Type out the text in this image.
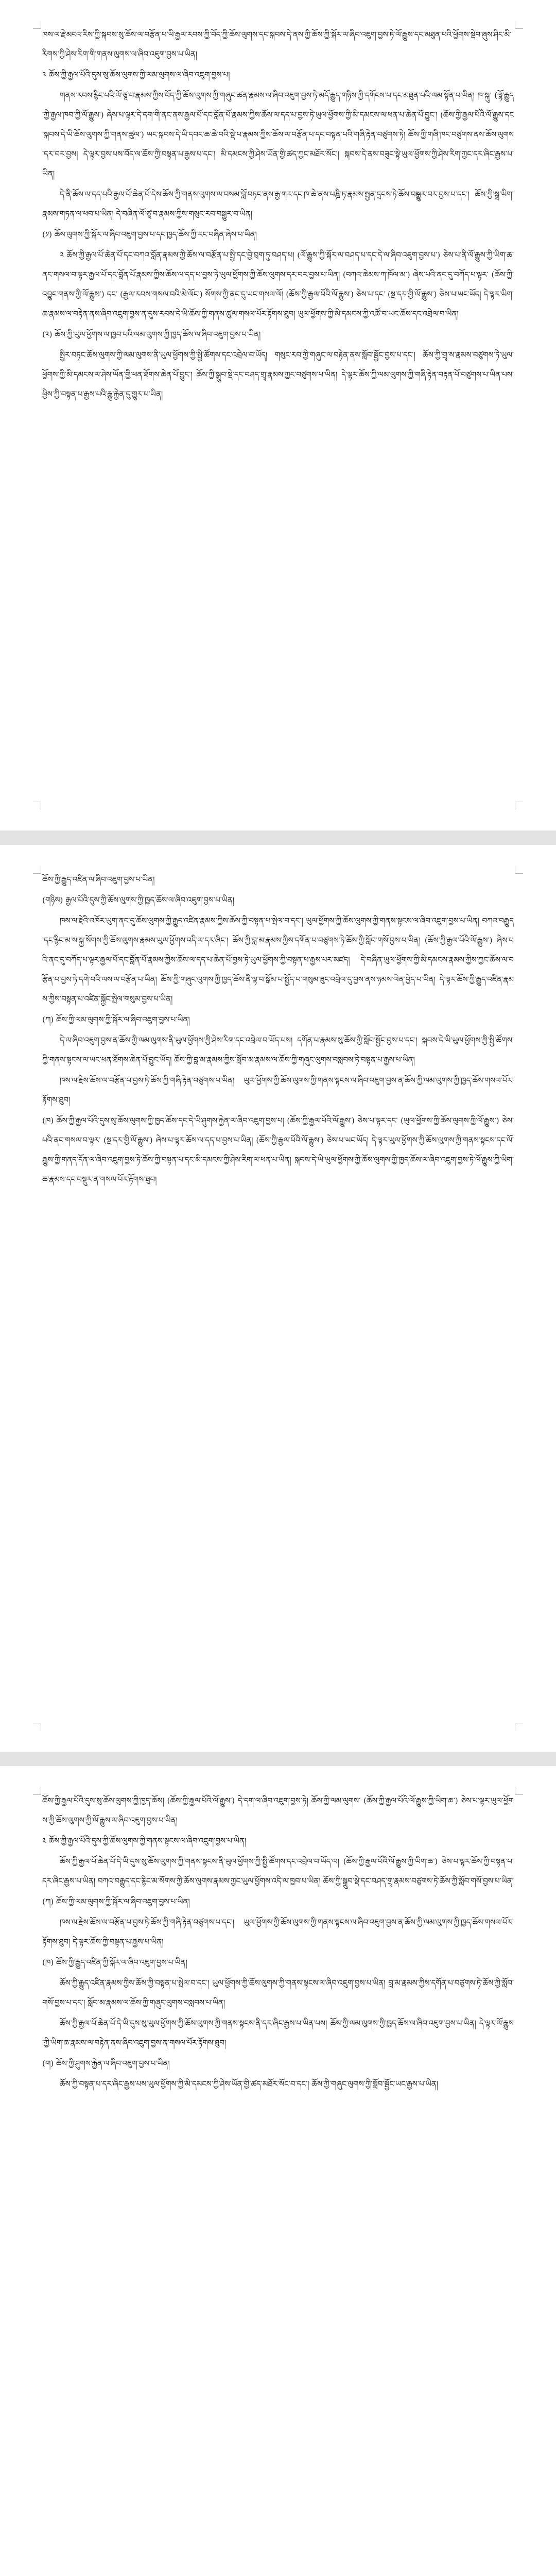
ཁས་ལ་རྗེ་མངའ་རིས་ཀྱི་སྐབས་སུ་ཆོས་ལ་བརྩོན་པ་ཡི་རྒྱལ་རབས་ཀྱི་བོད་ཀྱི་ཆོས་ལུགས་དང་སྐབས་དེ་ནས་ཀྱི་ཆོས་ཀྱི་སྐོར་ལ་ཞིབ་འཇུག་བྱས་ཏེ་ལོ་རྒྱུས་དང་མཐུན་པའི་ཕྱོགས་སྡེབ་ཞུས་ཤིང་མི་རིགས་ཀྱི་ཤེས་རིག་གི་གནས་ལུགས་ལ་ཞིབ་འཇུག་བྱས་པ་ཡིན།

༢ ཆོས་ཀྱི་རྒྱལ་པོའི་དུས་སུ་ཆོས་ལུགས་ཀྱི་ལམ་ལུགས་ལ་ཞིབ་འཇུག་བྱས་པ།

གནས་རབས་རྙིང་པའི་ལོ་ཙཱ་བ་རྣམས་ཀྱིས་བོད་ཀྱི་ཆོས་ལུགས་ཀྱི་གཞུང་ཚན་རྣམས་ལ་ཞིབ་འཇུག་བྱས་ཏེ་མདོ་རྒྱུད་གཉིས་ཀྱི་དགོངས་པ་དང་མཐུན་པའི་ལམ་སྟོན་པ་ཡིན། ཁ་སྐུ་ (ལྷོ་རྒྱུད་ཀྱི་རྒྱལ་ཁབ་ཀྱི་ལོ་རྒྱུས་) ཞེས་པ་ལྟར་དེ་དག་གི་ནང་ནས་རྒྱལ་པོ་དང་བློན་པོ་རྣམས་ཀྱིས་ཆོས་ལ་དད་པ་བྱས་ཏེ་ཡུལ་ཕྱོགས་ཀྱི་མི་དམངས་ལ་ཕན་པ་ཆེན་པོ་བྱུང་། (ཆོས་ཀྱི་རྒྱལ་པོའི་ལོ་རྒྱུས་དང་སྐབས་དེ་ཡི་ཆོས་ལུགས་ཀྱི་གནས་ཚུལ་) ཡང་སྐབས་དེ་ཡི་དབང་ཆ་ཆེ་བའི་སྡེ་པ་རྣམས་ཀྱིས་ཆོས་ལ་བརྩོན་པ་དང་བསྟན་པའི་གཞི་རྟེན་བཙུགས་ཏེ། ཆོས་ཀྱི་གཞི་ཁང་བཙུགས་ནས་ཆོས་ལུགས་དར་བར་བྱས། དེ་ལྟར་བྱས་པས་བོད་ལ་ཆོས་ཀྱི་བསྟན་པ་རྒྱས་པ་དང་། མི་དམངས་ཀྱི་ཤེས་ཡོན་གྱི་ཚད་ཀྱང་མཐོར་སོང་། སྐབས་དེ་ནས་བཟུང་སྟེ་ཡུལ་ཕྱོགས་ཀྱི་ཤེས་རིག་ཀྱང་དར་ཞིང་རྒྱས་པ་ཡིན།

དེ་ནི་ཆོས་ལ་དད་པའི་རྒྱལ་པོ་ཆེན་པོ་དེས་ཆོས་ཀྱི་གནས་ལུགས་ལ་བསམ་བློ་བཏང་ནས་རྒྱ་གར་དང་ཁ་ཆེ་ནས་པཎྜི་ཏ་རྣམས་སྤྱན་དྲངས་ཏེ་ཆོས་བསྒྱུར་བར་བྱས་པ་དང་། ཆོས་ཀྱི་སྒྲ་ཡིག་རྣམས་གཏན་ལ་ཕབ་པ་ཡིན། དེ་བཞིན་ལོ་ཙཱ་བ་རྣམས་ཀྱིས་གསུང་རབ་བསྒྱུར་བ་ཡིན།

(༡) ཆོས་ལུགས་ཀྱི་སྐོར་ལ་ཞིབ་འཇུག་བྱས་པ་དང་ཁྱད་ཆོས་ཀྱི་རང་བཞིན་ཞེས་པ་ཡིན།

༢ ཆོས་ཀྱི་རྒྱལ་པོ་ཆེན་པོ་དང་བཀའ་བློན་རྣམས་ཀྱི་ཆོས་ལ་བརྩོན་པ་སྤྱི་དང་བྱེ་བྲག་ཏུ་བཤད་པ། (ལོ་རྒྱུས་ཀྱི་སྐོར་ལ་བཤད་པ་དང་དེ་ལ་ཞིབ་འཇུག་བྱས་པ་) ཅེས་པ་ནི་ལོ་རྒྱུས་ཀྱི་ཡིག་ཆ་ནང་གསལ་བ་ལྟར་རྒྱལ་པོ་དང་བློན་པོ་རྣམས་ཀྱིས་ཆོས་ལ་དད་པ་བྱས་ཏེ་ཡུལ་ཕྱོགས་ཀྱི་ཆོས་ལུགས་དར་བར་བྱས་པ་ཡིན། (བཀའ་ཆེམས་ཀ་ཁོལ་མ་) ཞེས་པའི་ནང་དུ་བཀོད་པ་ལྟར་ (ཆོས་ཀྱི་འབྱུང་གནས་ཀྱི་ལོ་རྒྱུས་) དང་ (རྒྱལ་རབས་གསལ་བའི་མེ་ལོང་) སོགས་ཀྱི་ནང་དུ་ཡང་གསལ་ལོ། (ཆོས་ཀྱི་རྒྱལ་པོའི་ལོ་རྒྱུས་) ཅེས་པ་དང་ (སྔ་དར་གྱི་ལོ་རྒྱུས་) ཅེས་པ་ཡང་ཡོད། དེ་ལྟར་ཡིག་ཆ་རྣམས་ལ་བརྟེན་ནས་ཞིབ་འཇུག་བྱས་ན་དུས་རབས་དེ་ཡི་ཆོས་ཀྱི་གནས་ཚུལ་གསལ་པོར་རྟོགས་ཐུབ། ཡུལ་ཕྱོགས་ཀྱི་མི་དམངས་ཀྱི་འཚོ་བ་ཡང་ཆོས་དང་འབྲེལ་བ་ཡིན།

(༢) ཆོས་ཀྱི་ཡུལ་ཕྱོགས་ལ་ཁྱབ་པའི་ལམ་ལུགས་ཀྱི་ཁྱད་ཆོས་ལ་ཞིབ་འཇུག་བྱས་པ་ཡིན།

སྤྱིར་བཏང་ཆོས་ལུགས་ཀྱི་ལམ་ལུགས་ནི་ཡུལ་ཕྱོགས་ཀྱི་སྤྱི་ཚོགས་དང་འབྲེལ་བ་ཡོད། གསུང་རབ་ཀྱི་གཞུང་ལ་བརྟེན་ནས་སློབ་སྦྱོང་བྱས་པ་དང་། ཆོས་ཀྱི་གྲྭ་ས་རྣམས་བཙུགས་ཏེ་ཡུལ་ཕྱོགས་ཀྱི་མི་དམངས་ལ་ཤེས་ཡོན་གྱི་ཕན་ཐོགས་ཆེན་པོ་བྱུང་། ཆོས་ཀྱི་སྒྲུབ་སྡེ་དང་བཤད་གྲྭ་རྣམས་ཀྱང་བཙུགས་པ་ཡིན། དེ་ལྟར་ཆོས་ཀྱི་ལམ་ལུགས་ཀྱི་གཞི་རྟེན་བརྟན་པོ་བཙུགས་པ་ཡིན་པས་ཕྱིས་ཀྱི་བསྟན་པ་རྒྱས་པའི་རྒྱུ་རྐྱེན་དུ་གྱུར་པ་ཡིན།

ཆོས་ཀྱི་རྒྱུད་འཛིན་ལ་ཞིབ་འཇུག་བྱས་པ་ཡིན།

(གཉིས) རྒྱལ་པོའི་དུས་ཀྱི་ཆོས་ལུགས་ཀྱི་ཁྱད་ཆོས་ལ་ཞིབ་འཇུག་བྱས་པ་ཡིན།

ཁས་ལ་རྗེའི་འཁོར་ཡུག་ནང་དུ་ཆོས་ལུགས་ཀྱི་རྒྱུད་འཛིན་རྣམས་ཀྱིས་ཆོས་ཀྱི་བསྟན་པ་སྤེལ་བ་དང་། ཡུལ་ཕྱོགས་ཀྱི་ཆོས་ལུགས་ཀྱི་གནས་སྟངས་ལ་ཞིབ་འཇུག་བྱས་པ་ཡིན། བཀའ་བརྒྱུད་དང་རྙིང་མ་ས་སྐྱ་སོགས་ཀྱི་ཆོས་ལུགས་རྣམས་ཡུལ་ཕྱོགས་འདི་ལ་དར་ཞིང་། ཆོས་ཀྱི་བླ་མ་རྣམས་ཀྱིས་དགོན་པ་བཙུགས་ཏེ་ཆོས་ཀྱི་སློབ་གསོ་བྱས་པ་ཡིན། (ཆོས་ཀྱི་རྒྱལ་པོའི་ལོ་རྒྱུས་) ཞེས་པའི་ནང་དུ་བཀོད་པ་ལྟར་རྒྱལ་པོ་དང་བློན་པོ་རྣམས་ཀྱིས་ཆོས་ལ་དད་པ་ཆེན་པོ་བྱས་ཏེ་ཡུལ་ཕྱོགས་ཀྱི་བསྟན་པ་རྒྱས་པར་མཛད། དེ་བཞིན་ཡུལ་ཕྱོགས་ཀྱི་མི་དམངས་རྣམས་ཀྱིས་ཀྱང་ཆོས་ལ་བརྩོན་པ་བྱས་ཏེ་དགེ་བའི་ལས་ལ་བརྩོན་པ་ཡིན། ཆོས་ཀྱི་གཞུང་ལུགས་ཀྱི་ཁྱད་ཆོས་ནི་ལྟ་བ་སྒོམ་པ་སྤྱོད་པ་གསུམ་ཟུང་འབྲེལ་དུ་བྱས་ནས་ཉམས་ལེན་བྱེད་པ་ཡིན། དེ་ལྟར་ཆོས་ཀྱི་རྒྱུད་འཛིན་རྣམས་ཀྱིས་བསྟན་པ་འཛིན་སྐྱོང་སྤེལ་གསུམ་བྱས་པ་ཡིན།

(ཀ) ཆོས་ཀྱི་ལམ་ལུགས་ཀྱི་སྐོར་ལ་ཞིབ་འཇུག་བྱས་པ་ཡིན།

དེ་ལ་ཞིབ་འཇུག་བྱས་ན་ཆོས་ཀྱི་ལམ་ལུགས་ནི་ཡུལ་ཕྱོགས་ཀྱི་ཤེས་རིག་དང་འབྲེལ་བ་ཡོད་པས། དགོན་པ་རྣམས་སུ་ཆོས་ཀྱི་སློབ་སྦྱོང་བྱས་པ་དང་། སྐབས་དེ་ཡི་ཡུལ་ཕྱོགས་ཀྱི་སྤྱི་ཚོགས་ཀྱི་གནས་སྟངས་ལ་ཡང་ཕན་ཐོགས་ཆེན་པོ་བྱུང་ཡོད། ཆོས་ཀྱི་བླ་མ་རྣམས་ཀྱིས་སློབ་མ་རྣམས་ལ་ཆོས་ཀྱི་གཞུང་ལུགས་བསླབས་ཏེ་བསྟན་པ་རྒྱས་པ་ཡིན།

ཁས་ལ་རྗེས་ཆོས་ལ་བརྩོན་པ་བྱས་ཏེ་ཆོས་ཀྱི་གཞི་རྟེན་བཙུགས་པ་ཡིན། ཡུལ་ཕྱོགས་ཀྱི་ཆོས་ལུགས་ཀྱི་གནས་སྟངས་ལ་ཞིབ་འཇུག་བྱས་ན་ཆོས་ཀྱི་ལམ་ལུགས་ཀྱི་ཁྱད་ཆོས་གསལ་པོར་རྟོགས་ཐུབ།

(ཁ) ཆོས་ཀྱི་རྒྱལ་པོའི་དུས་སུ་ཆོས་ལུགས་ཀྱི་ཁྱད་ཆོས་དང་དེ་ཡི་ཤུགས་རྐྱེན་ལ་ཞིབ་འཇུག་བྱས་པ། (ཆོས་ཀྱི་རྒྱལ་པོའི་ལོ་རྒྱུས་) ཅེས་པ་ལྟར་དང་ (ཡུལ་ཕྱོགས་ཀྱི་ཆོས་ལུགས་ཀྱི་ལོ་རྒྱུས་) ཅེས་པའི་ནང་གསལ་བ་ལྟར་ (སྔ་དར་གྱི་ལོ་རྒྱུས་) ཞེས་པ་ལྟར་ཆོས་ལ་དད་པ་བྱས་པ་ཡིན། (ཆོས་ཀྱི་རྒྱལ་པོའི་ལོ་རྒྱུས་) ཅེས་པ་ཡང་ཡོད། དེ་ལྟར་ཡུལ་ཕྱོགས་ཀྱི་ཆོས་ལུགས་ཀྱི་གནས་སྟངས་དང་ལོ་རྒྱུས་ཀྱི་གནད་དོན་ལ་ཞིབ་འཇུག་བྱས་ཏེ་ཆོས་ཀྱི་བསྟན་པ་དང་མི་དམངས་ཀྱི་ཤེས་རིག་ལ་ཕན་པ་ཡིན། སྐབས་དེ་ཡི་ཡུལ་ཕྱོགས་ཀྱི་ཆོས་ལུགས་ཀྱི་ཁྱད་ཆོས་ལ་ཞིབ་འཇུག་བྱས་ཏེ་ལོ་རྒྱུས་ཀྱི་ཡིག་ཆ་རྣམས་དང་བསྡུར་ན་གསལ་པོར་རྟོགས་ཐུབ།

ཆོས་ཀྱི་རྒྱལ་པོའི་དུས་སུ་ཆོས་ལུགས་ཀྱི་ཁྱད་ཆོས། (ཆོས་ཀྱི་རྒྱལ་པོའི་ལོ་རྒྱུས་) དེ་དག་ལ་ཞིབ་འཇུག་བྱས་ཏེ། ཆོས་ཀྱི་ལམ་ལུགས་ (ཆོས་ཀྱི་རྒྱལ་པོའི་ལོ་རྒྱུས་ཀྱི་ཡིག་ཆ་) ཅེས་པ་ལྟར་ཡུལ་ཕྱོགས་ཀྱི་ཆོས་ལུགས་ཀྱི་ལོ་རྒྱུས་ལ་ཞིབ་འཇུག་བྱས་པ་ཡིན།

༣ ཆོས་ཀྱི་རྒྱལ་པོའི་དུས་ཀྱི་ཆོས་ལུགས་ཀྱི་གནས་སྟངས་ལ་ཞིབ་འཇུག་བྱས་པ་ཡིན།

ཆོས་ཀྱི་རྒྱལ་པོ་ཆེན་པོ་དེ་ཡི་དུས་སུ་ཆོས་ལུགས་ཀྱི་གནས་སྟངས་ནི་ཡུལ་ཕྱོགས་ཀྱི་སྤྱི་ཚོགས་དང་འབྲེལ་བ་ཡོད་ལ། (ཆོས་ཀྱི་རྒྱལ་པོའི་ལོ་རྒྱུས་ཀྱི་ཡིག་ཆ་) ཅེས་པ་ལྟར་ཆོས་ཀྱི་བསྟན་པ་དར་ཞིང་རྒྱས་པ་ཡིན། བཀའ་བརྒྱུད་དང་རྙིང་མ་སོགས་ཀྱི་ཆོས་ལུགས་རྣམས་ཀྱང་ཡུལ་ཕྱོགས་འདི་ལ་ཁྱབ་པ་ཡིན། ཆོས་ཀྱི་སྒྲུབ་སྡེ་དང་བཤད་གྲྭ་རྣམས་བཙུགས་ཏེ་ཆོས་ཀྱི་སློབ་གསོ་བྱས་པ་ཡིན།

(ཀ) ཆོས་ཀྱི་ལམ་ལུགས་ཀྱི་སྐོར་ལ་ཞིབ་འཇུག་བྱས་པ་ཡིན།

ཁས་ལ་རྗེས་ཆོས་ལ་བརྩོན་པ་བྱས་ཏེ་ཆོས་ཀྱི་གཞི་རྟེན་བཙུགས་པ་དང་། ཡུལ་ཕྱོགས་ཀྱི་ཆོས་ལུགས་ཀྱི་གནས་སྟངས་ལ་ཞིབ་འཇུག་བྱས་ན་ཆོས་ཀྱི་ལམ་ལུགས་ཀྱི་ཁྱད་ཆོས་གསལ་པོར་རྟོགས་ཐུབ། དེ་ལྟར་ཆོས་ཀྱི་བསྟན་པ་རྒྱས་པ་ཡིན།

(ཁ) ཆོས་ཀྱི་རྒྱུད་འཛིན་ཀྱི་སྐོར་ལ་ཞིབ་འཇུག་བྱས་པ་ཡིན།

ཆོས་ཀྱི་རྒྱུད་འཛིན་རྣམས་ཀྱིས་ཆོས་ཀྱི་བསྟན་པ་སྤེལ་བ་དང་། ཡུལ་ཕྱོགས་ཀྱི་ཆོས་ལུགས་ཀྱི་གནས་སྟངས་ལ་ཞིབ་འཇུག་བྱས་པ་ཡིན། བླ་མ་རྣམས་ཀྱིས་དགོན་པ་བཙུགས་ཏེ་ཆོས་ཀྱི་སློབ་གསོ་བྱས་པ་དང་། སློབ་མ་རྣམས་ལ་ཆོས་ཀྱི་གཞུང་ལུགས་བསླབས་པ་ཡིན།

ཆོས་ཀྱི་རྒྱལ་པོ་ཆེན་པོ་དེ་ཡི་དུས་སུ་ཡུལ་ཕྱོགས་ཀྱི་ཆོས་ལུགས་ཀྱི་གནས་སྟངས་ནི་དར་ཞིང་རྒྱས་པ་ཡིན་པས། ཆོས་ཀྱི་ལམ་ལུགས་ཀྱི་ཁྱད་ཆོས་ལ་ཞིབ་འཇུག་བྱས་པ་ཡིན། དེ་ལྟར་ལོ་རྒྱུས་ཀྱི་ཡིག་ཆ་རྣམས་ལ་བརྟེན་ནས་ཞིབ་འཇུག་བྱས་ན་གསལ་པོར་རྟོགས་ཐུབ།

(ག) ཆོས་ཀྱི་ཤུགས་རྐྱེན་ལ་ཞིབ་འཇུག་བྱས་པ་ཡིན།

ཆོས་ཀྱི་བསྟན་པ་དར་ཞིང་རྒྱས་པས་ཡུལ་ཕྱོགས་ཀྱི་མི་དམངས་ཀྱི་ཤེས་ཡོན་གྱི་ཚད་མཐོར་སོང་བ་དང་། ཆོས་ཀྱི་གཞུང་ལུགས་ཀྱི་སློབ་སྦྱོང་ཡང་རྒྱས་པ་ཡིན།
